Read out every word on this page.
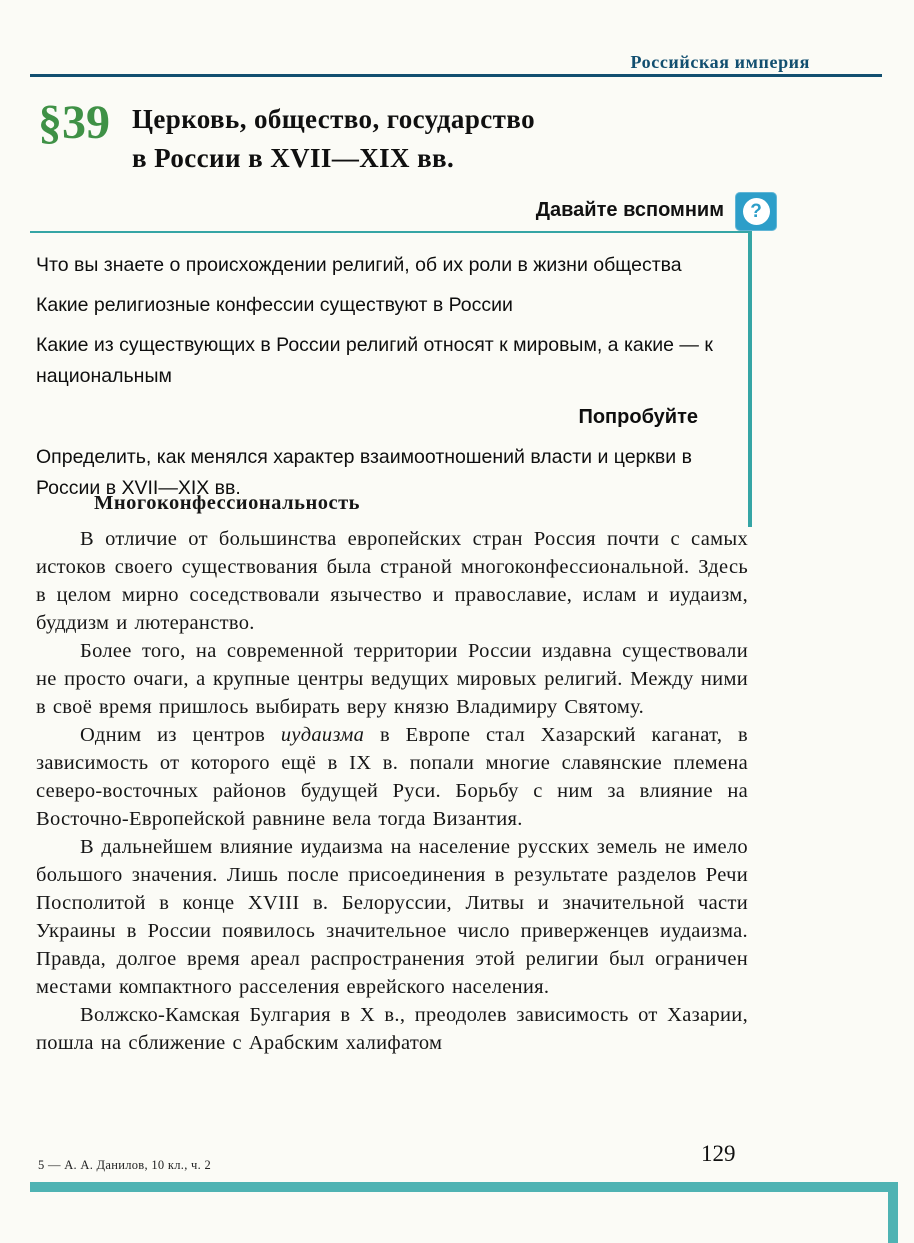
Российская империя
§39 Церковь, общество, государство
в России в XVII—XIX вв.
Давайте вспомним	?

Что вы знаете о происхождении религий, об их роли в жизни общества

Какие религиозные конфессии существуют в России

Какие из существующих в России религий относят к мировым, а какие — к национальным

Попробуйте

Определить, как менялся характер взаимоотношений власти и церкви в России в XVII—XIX вв.

Многоконфессиональность

В отличие от большинства европейских стран Россия почти с самых истоков своего существования была страной многоконфессиональной. Здесь в целом мирно соседствовали язычество и православие, ислам и иудаизм, буддизм и лютеранство.

Более того, на современной территории России издавна существовали не просто очаги, а крупные центры ведущих мировых религий. Между ними в своё время пришлось выбирать веру князю Владимиру Святому.

Одним из центров иудаизма в Европе стал Хазарский каганат, в зависимость от которого ещё в IX в. попали многие славянские племена северо-восточных районов будущей Руси. Борьбу с ним за влияние на Восточно-Европейской равнине вела тогда Византия.

В дальнейшем влияние иудаизма на население русских земель не имело большого значения. Лишь после присоединения в результате разделов Речи Посполитой в конце XVIII в. Белоруссии, Литвы и значительной части Украины в России появилось значительное число приверженцев иудаизма. Правда, долгое время ареал распространения этой религии был ограничен местами компактного расселения еврейского населения.

Волжско-Камская Булгария в X в., преодолев зависимость от Хазарии, пошла на сближение с Арабским халифатом

5 — А. А. Данилов, 10 кл., ч. 2	129
